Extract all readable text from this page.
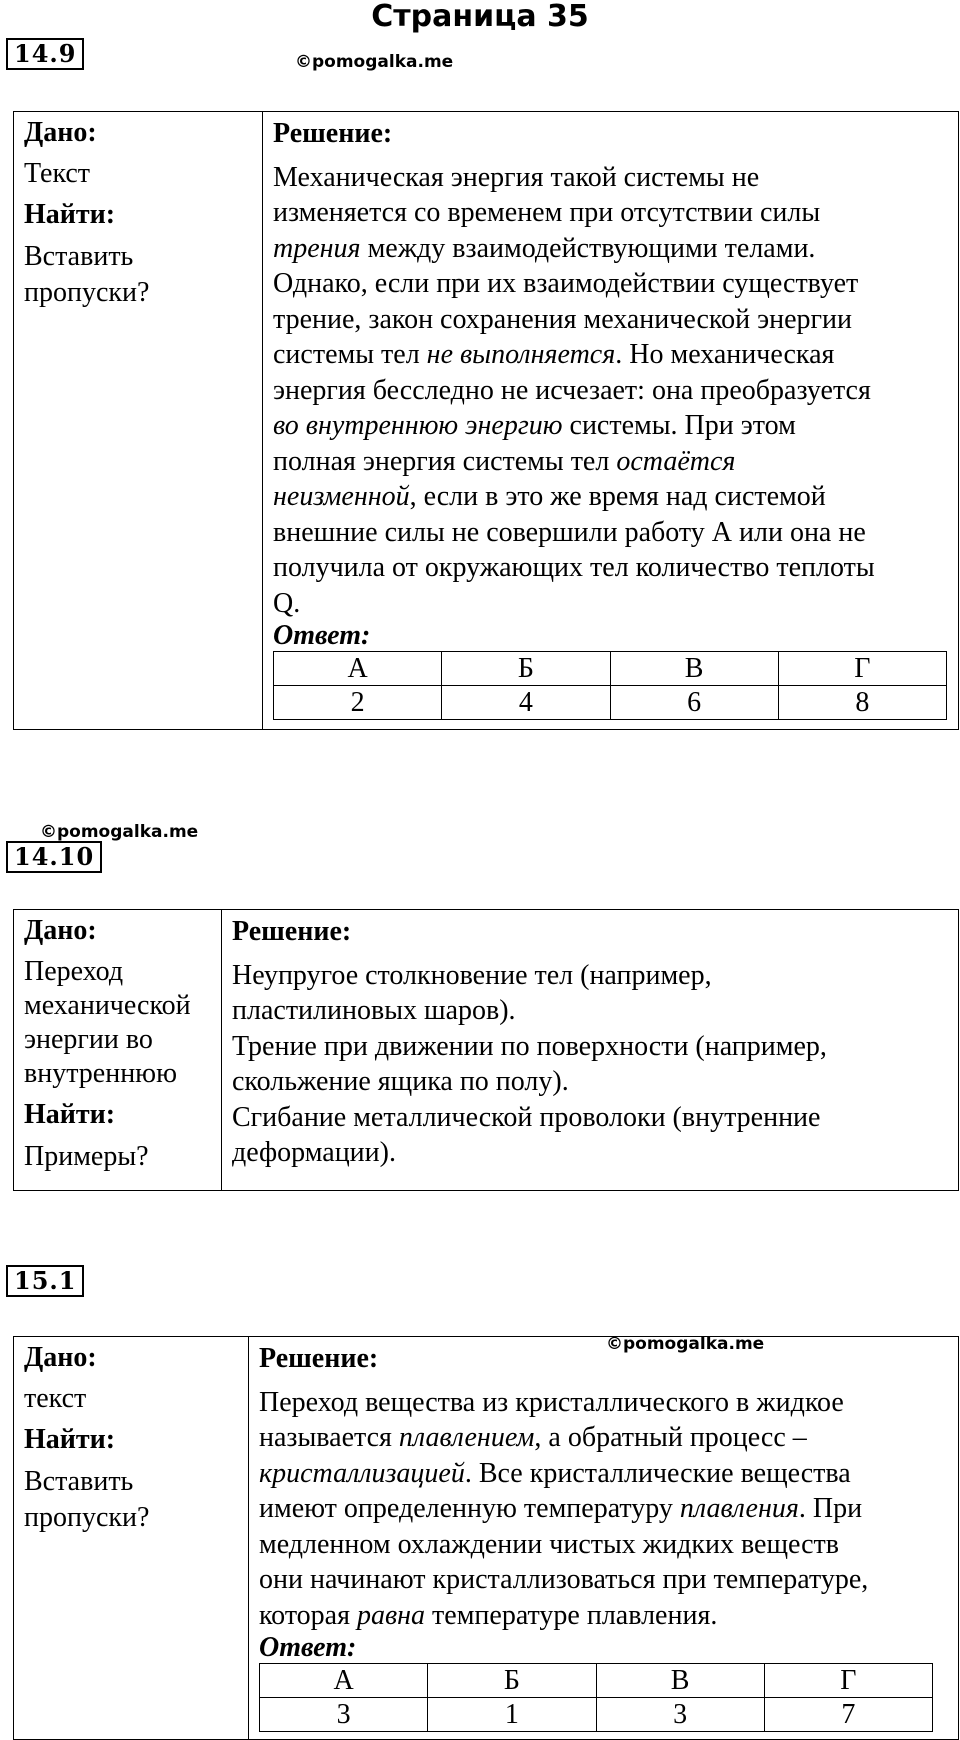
Страница 35
14.9	©pomogalka.me
Дано:
Текст
Найти:
Вставить
пропуски?
Решение:
Механическая энергия такой системы не
изменяется со временем при отсутствии силы
трения между взаимодействующими телами.
Однако, если при их взаимодействии существует
трение, закон сохранения механической энергии
системы тел не выполняется. Но механическая
энергия бесследно не исчезает: она преобразуется
во внутреннюю энергию системы. При этом
полная энергия системы тел остаётся
неизменной, если в это же время над системой
внешние силы не совершили работу А или она не
получила от окружающих тел количество теплоты
Q.
Ответ:
А	Б	В	Г
2	4	6	8
©pomogalka.me
14.10
Дано:
Переход
механической
энергии во
внутреннюю
Найти:
Примеры?
Решение:
Неупругое столкновение тел (например,
пластилиновых шаров).
Трение при движении по поверхности (например,
скольжение ящика по полу).
Сгибание металлической проволоки (внутренние
деформации).
15.1
Дано:
текст
Найти:
Вставить
пропуски?
Решение:
Переход вещества из кристаллического в жидкое
называется плавлением, а обратный процесс –
кристаллизацией. Все кристаллические вещества
имеют определенную температуру плавления. При
медленном охлаждении чистых жидких веществ
они начинают кристаллизоваться при температуре,
которая равна температуре плавления.
Ответ:
А	Б	В	Г
3	1	3	7
©pomogalka.me
